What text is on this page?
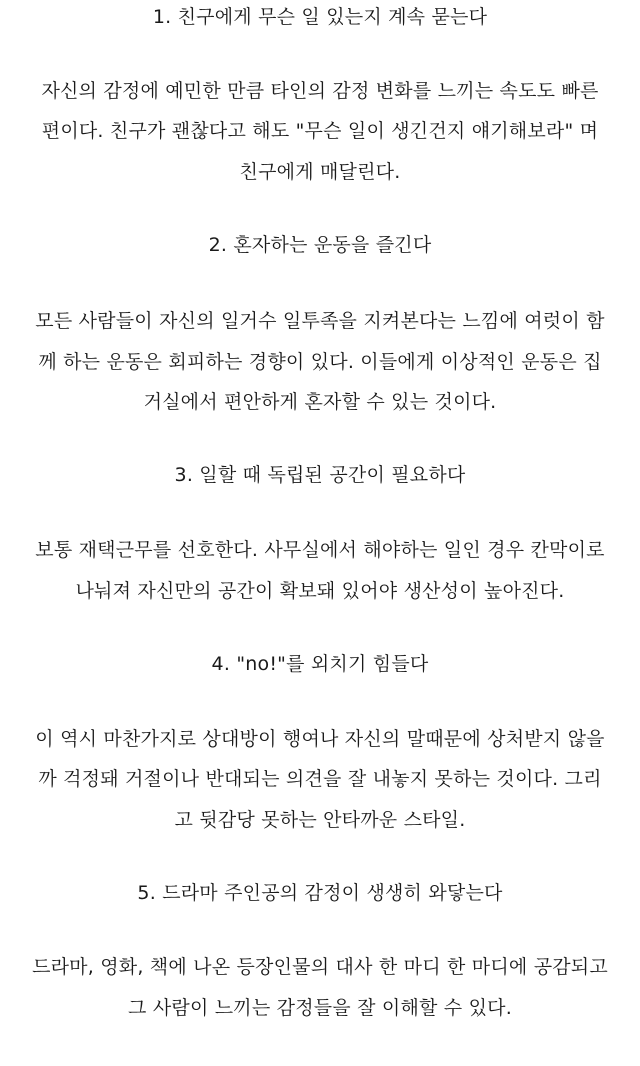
1. 친구에게 무슨 일 있는지 계속 묻는다
자신의 감정에 예민한 만큼 타인의 감정 변화를 느끼는 속도도 빠른
편이다. 친구가 괜찮다고 해도 "무슨 일이 생긴건지 얘기해보라" 며
친구에게 매달린다.
2. 혼자하는 운동을 즐긴다
모든 사람들이 자신의 일거수 일투족을 지켜본다는 느낌에 여럿이 함
께 하는 운동은 회피하는 경향이 있다. 이들에게 이상적인 운동은 집
거실에서 편안하게 혼자할 수 있는 것이다.
3. 일할 때 독립된 공간이 필요하다
보통 재택근무를 선호한다. 사무실에서 해야하는 일인 경우 칸막이로
나눠져 자신만의 공간이 확보돼 있어야 생산성이 높아진다.
4. "no!"를 외치기 힘들다
이 역시 마찬가지로 상대방이 행여나 자신의 말때문에 상처받지 않을
까 걱정돼 거절이나 반대되는 의견을 잘 내놓지 못하는 것이다. 그리
고 뒷감당 못하는 안타까운 스타일.
5. 드라마 주인공의 감정이 생생히 와닿는다
드라마, 영화, 책에 나온 등장인물의 대사 한 마디 한 마디에 공감되고
그 사람이 느끼는 감정들을 잘 이해할 수 있다.
